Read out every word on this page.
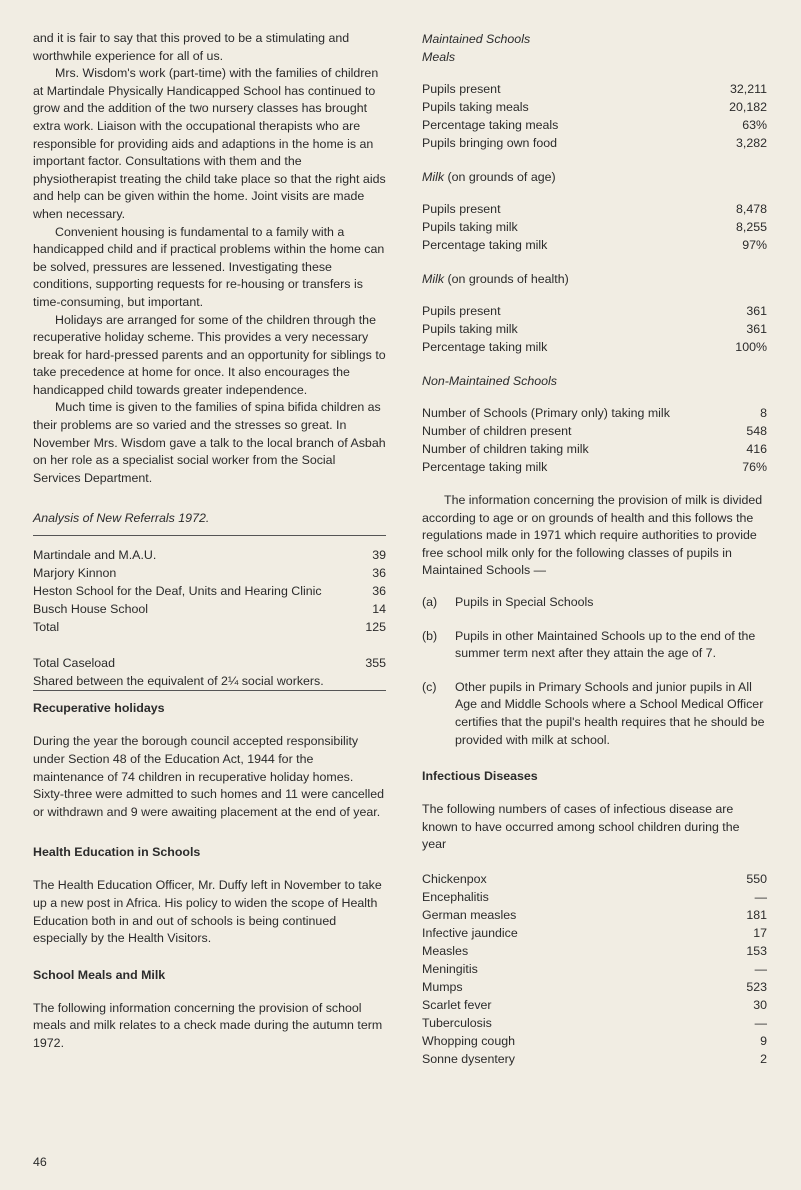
and it is fair to say that this proved to be a stimulating and worthwhile experience for all of us.

Mrs. Wisdom's work (part-time) with the families of children at Martindale Physically Handicapped School has continued to grow and the addition of the two nursery classes has brought extra work. Liaison with the occupational therapists who are responsible for providing aids and adaptions in the home is an important factor. Consultations with them and the physiotherapist treating the child take place so that the right aids and help can be given within the home. Joint visits are made when necessary.

Convenient housing is fundamental to a family with a handicapped child and if practical problems within the home can be solved, pressures are lessened. Investigating these conditions, supporting requests for re-housing or transfers is time-consuming, but important.

Holidays are arranged for some of the children through the recuperative holiday scheme. This provides a very necessary break for hard-pressed parents and an opportunity for siblings to take precedence at home for once. It also encourages the handicapped child towards greater independence.

Much time is given to the families of spina bifida children as their problems are so varied and the stresses so great. In November Mrs. Wisdom gave a talk to the local branch of Asbah on her role as a specialist social worker from the Social Services Department.

Analysis of New Referrals 1972.
Martindale and M.A.U.	39
Marjory Kinnon	36
Heston School for the Deaf, Units and Hearing Clinic	36
Busch House School	14
Total	125
Total Caseload	355
Shared between the equivalent of 2¼ social workers.
Recuperative holidays

During the year the borough council accepted responsibility under Section 48 of the Education Act, 1944 for the maintenance of 74 children in recuperative holiday homes. Sixty-three were admitted to such homes and 11 were cancelled or withdrawn and 9 were awaiting placement at the end of year.

Health Education in Schools

The Health Education Officer, Mr. Duffy left in November to take up a new post in Africa. His policy to widen the scope of Health Education both in and out of schools is being continued especially by the Health Visitors.

School Meals and Milk

The following information concerning the provision of school meals and milk relates to a check made during the autumn term 1972.

Maintained Schools
Meals
Pupils present	32,211
Pupils taking meals	20,182
Percentage taking meals	63%
Pupils bringing own food	3,282
Milk (on grounds of age)
Pupils present	8,478
Pupils taking milk	8,255
Percentage taking milk	97%
Milk (on grounds of health)
Pupils present	361
Pupils taking milk	361
Percentage taking milk	100%
Non-Maintained Schools
Number of Schools (Primary only) taking milk	8
Number of children present	548
Number of children taking milk	416
Percentage taking milk	76%

The information concerning the provision of milk is divided according to age or on grounds of health and this follows the regulations made in 1971 which require authorities to provide free school milk only for the following classes of pupils in Maintained Schools —

(a)	Pupils in Special Schools
(b)	Pupils in other Maintained Schools up to the end of the summer term next after they attain the age of 7.
(c)	Other pupils in Primary Schools and junior pupils in All Age and Middle Schools where a School Medical Officer certifies that the pupil's health requires that he should be provided with milk at school.
Infectious Diseases

The following numbers of cases of infectious disease are known to have occurred among school children during the year

Chickenpox	550
Encephalitis	—
German measles	181
Infective jaundice	17
Measles	153
Meningitis	—
Mumps	523
Scarlet fever	30
Tuberculosis	—
Whopping cough	9
Sonne dysentery	2
46
